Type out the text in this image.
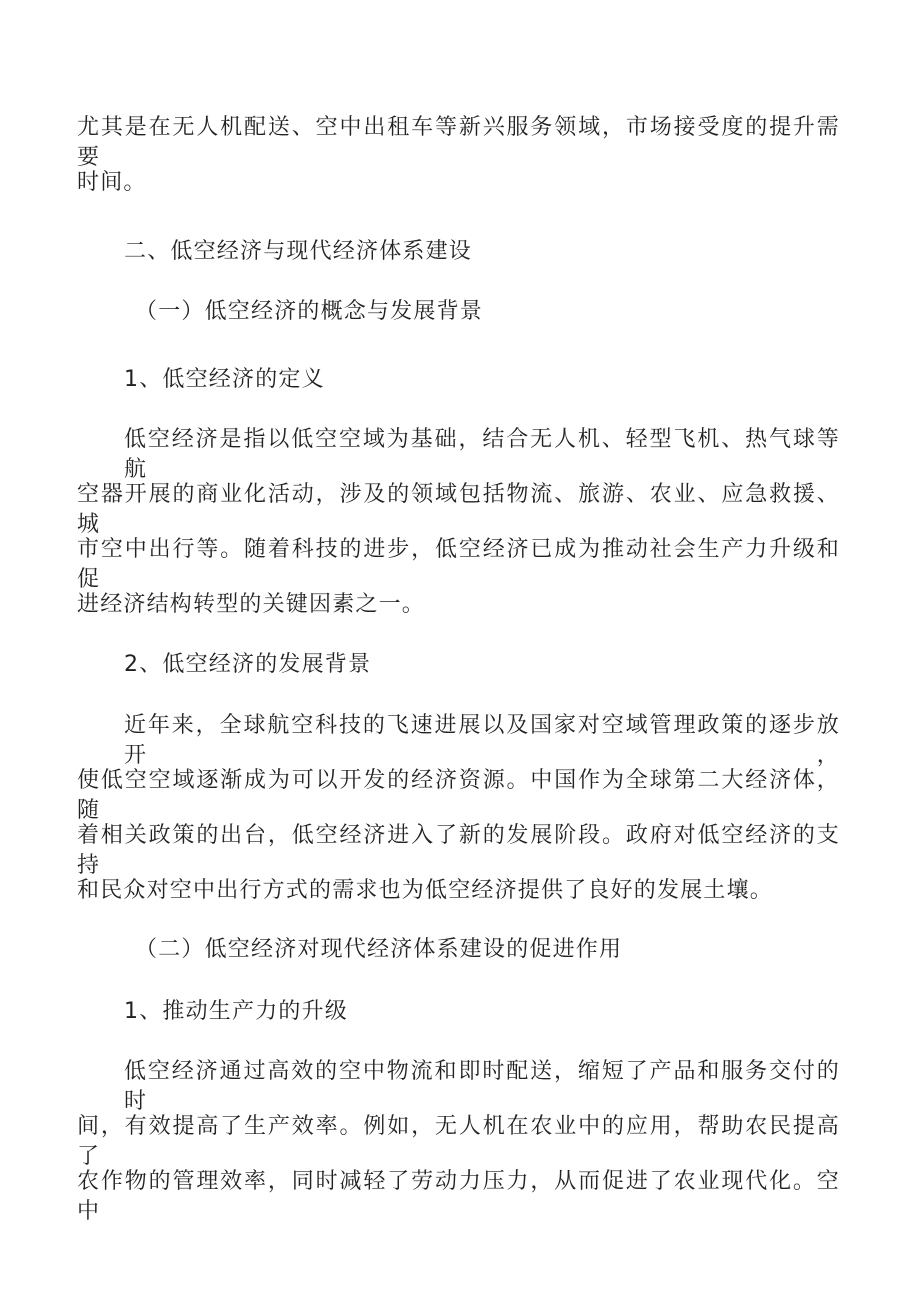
尤其是在无人机配送、空中出租车等新兴服务领域，市场接受度的提升需要
时间。
二、低空经济与现代经济体系建设
（一）低空经济的概念与发展背景
1、低空经济的定义
低空经济是指以低空空域为基础，结合无人机、轻型飞机、热气球等航
空器开展的商业化活动，涉及的领域包括物流、旅游、农业、应急救援、城
市空中出行等。随着科技的进步，低空经济已成为推动社会生产力升级和促
进经济结构转型的关键因素之一。
2、低空经济的发展背景
近年来，全球航空科技的飞速进展以及国家对空域管理政策的逐步放开，
使低空空域逐渐成为可以开发的经济资源。中国作为全球第二大经济体，随
着相关政策的出台，低空经济进入了新的发展阶段。政府对低空经济的支持
和民众对空中出行方式的需求也为低空经济提供了良好的发展土壤。
（二）低空经济对现代经济体系建设的促进作用
1、推动生产力的升级
低空经济通过高效的空中物流和即时配送，缩短了产品和服务交付的时
间，有效提高了生产效率。例如，无人机在农业中的应用，帮助农民提高了
农作物的管理效率，同时减轻了劳动力压力，从而促进了农业现代化。空中
